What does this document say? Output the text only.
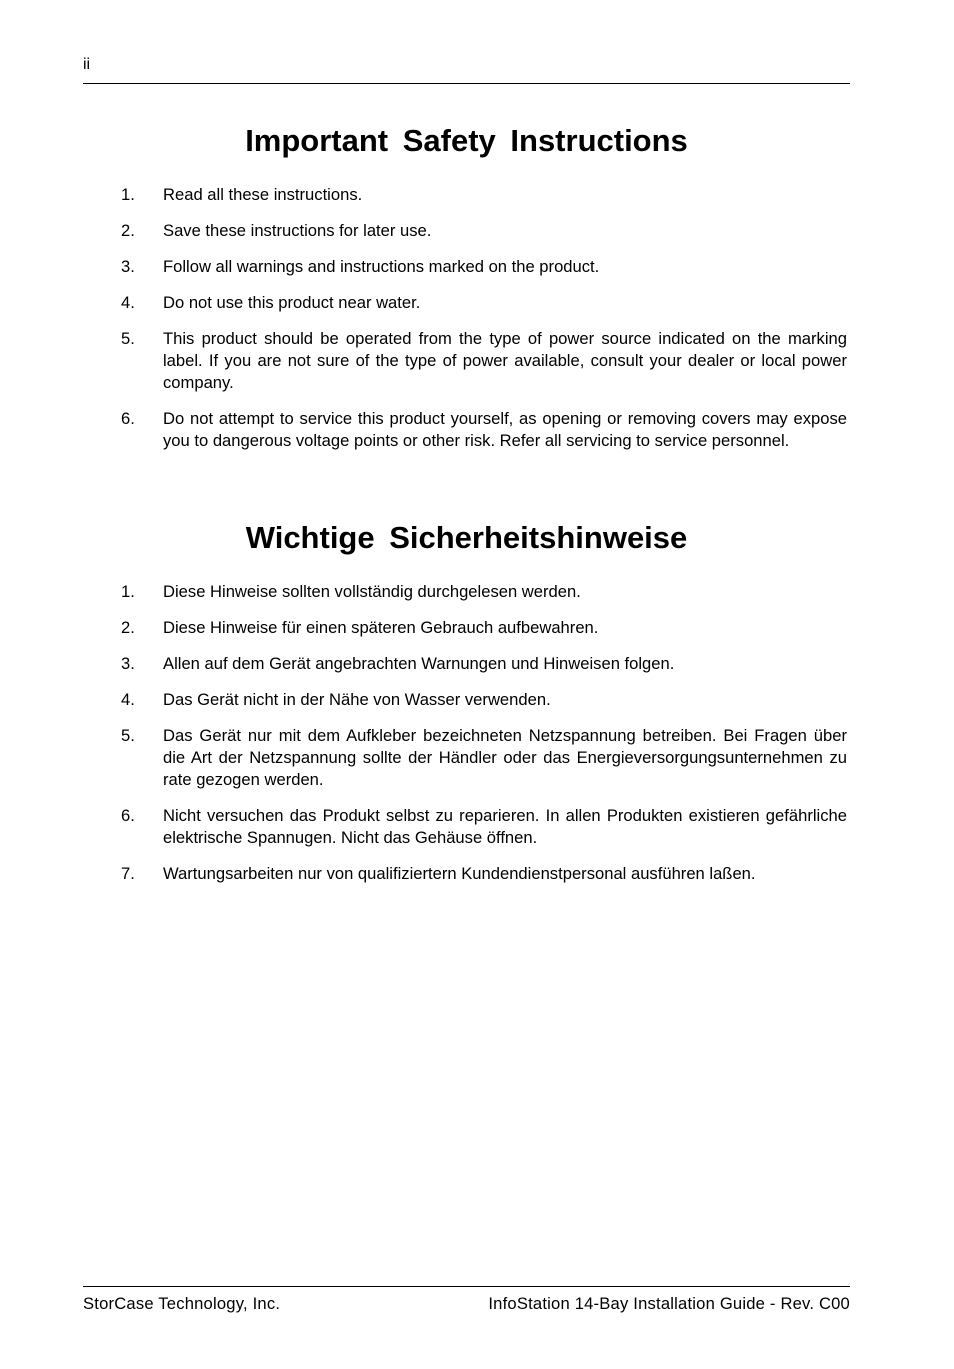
ii
Important Safety Instructions
1. Read all these instructions.
2. Save these instructions for later use.
3. Follow all warnings and instructions marked on the product.
4. Do not use this product near water.
5. This product should be operated from the type of power source indicated on the marking label. If you are not sure of the type of power available, consult your dealer or local power company.
6. Do not attempt to service this product yourself, as opening or removing covers may expose you to dangerous voltage points or other risk. Refer all servicing to service personnel.
Wichtige Sicherheitshinweise
1. Diese Hinweise sollten vollständig durchgelesen werden.
2. Diese Hinweise für einen späteren Gebrauch aufbewahren.
3. Allen auf dem Gerät angebrachten Warnungen und Hinweisen folgen.
4. Das Gerät nicht in der Nähe von Wasser verwenden.
5. Das Gerät nur mit dem Aufkleber bezeichneten Netzspannung betreiben. Bei Fragen über die Art der Netzspannung sollte der Händler oder das Energieversorgungsunternehmen zu rate gezogen werden.
6. Nicht versuchen das Produkt selbst zu reparieren. In allen Produkten existieren gefährliche elektrische Spannugen. Nicht das Gehäuse öffnen.
7. Wartungsarbeiten nur von qualifiziertern Kundendienstpersonal ausführen laßen.
StorCase Technology, Inc.	InfoStation 14-Bay Installation Guide - Rev. C00
